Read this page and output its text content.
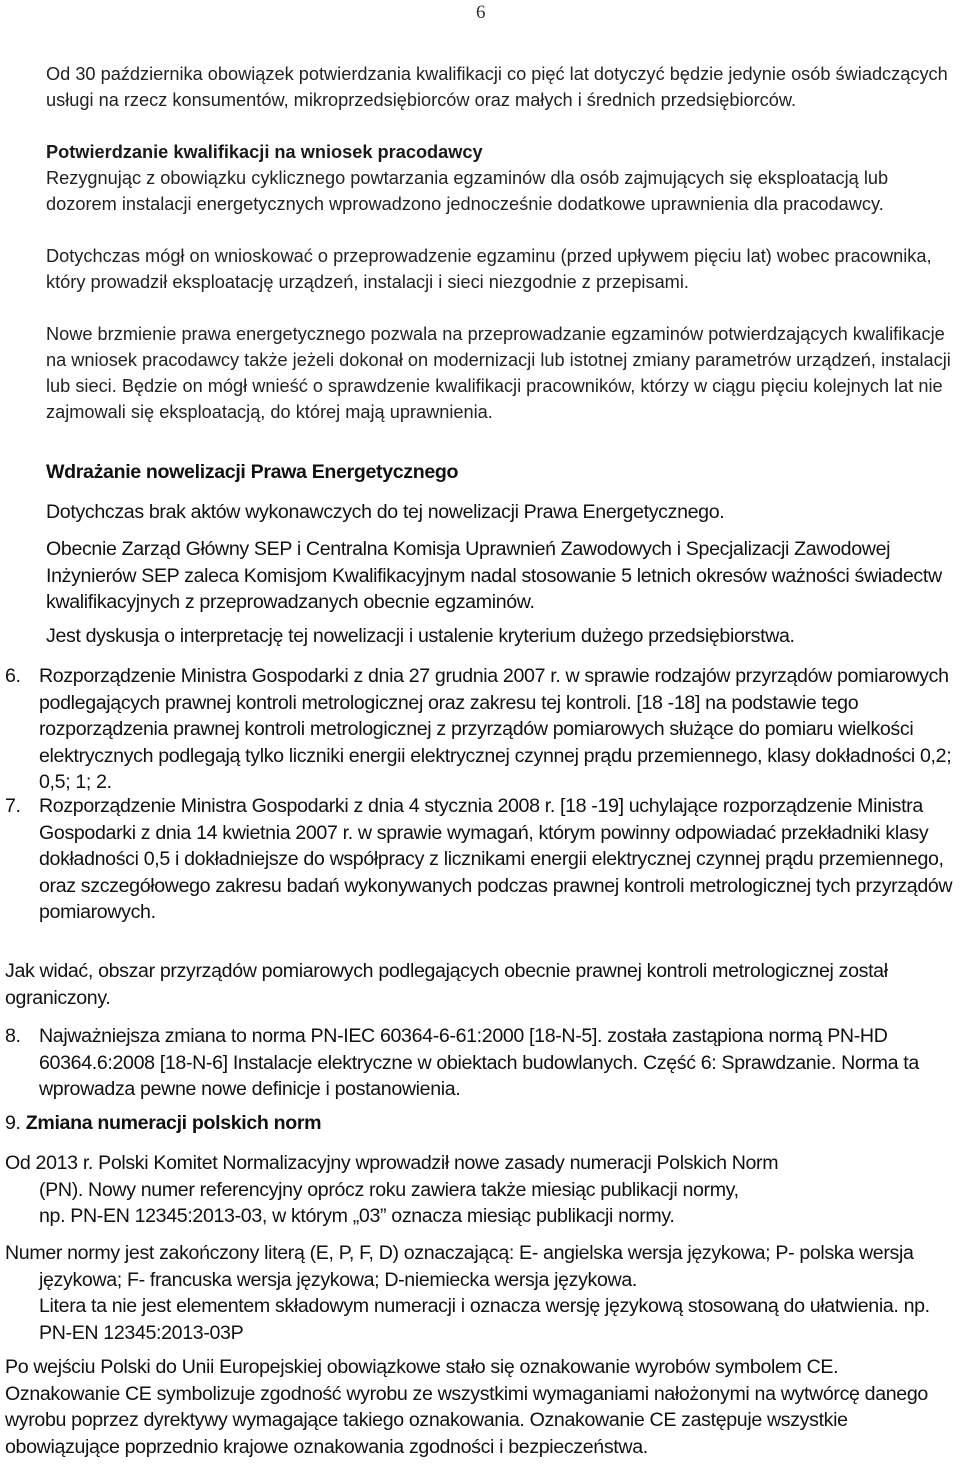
6

Od 30 października obowiązek potwierdzania kwalifikacji co pięć lat dotyczyć będzie jedynie osób świadczących usługi na rzecz konsumentów, mikroprzedsiębiorców oraz małych i średnich przedsiębiorców.

Potwierdzanie kwalifikacji na wniosek pracodawcy

Rezygnując z obowiązku cyklicznego powtarzania egzaminów dla osób zajmujących się eksploatacją lub dozorem instalacji energetycznych wprowadzono jednocześnie dodatkowe uprawnienia dla pracodawcy.

Dotychczas mógł on wnioskować o przeprowadzenie egzaminu (przed upływem pięciu lat) wobec pracownika, który prowadził eksploatację urządzeń, instalacji i sieci niezgodnie z przepisami.

Nowe brzmienie prawa energetycznego pozwala na przeprowadzanie egzaminów potwierdzających kwalifikacje na wniosek pracodawcy także jeżeli dokonał on modernizacji lub istotnej zmiany parametrów urządzeń, instalacji lub sieci. Będzie on mógł wnieść o sprawdzenie kwalifikacji pracowników, którzy w ciągu pięciu kolejnych lat nie zajmowali się eksploatacją, do której mają uprawnienia.

Wdrażanie nowelizacji Prawa Energetycznego

Dotychczas brak aktów wykonawczych do tej nowelizacji Prawa Energetycznego.

Obecnie Zarząd Główny SEP i Centralna Komisja Uprawnień Zawodowych i Specjalizacji Zawodowej Inżynierów SEP zaleca Komisjom Kwalifikacyjnym nadal stosowanie 5 letnich okresów ważności świadectw kwalifikacyjnych z przeprowadzanych obecnie egzaminów.

Jest dyskusja o interpretację tej nowelizacji i ustalenie kryterium dużego przedsiębiorstwa.

6. Rozporządzenie Ministra Gospodarki z dnia 27 grudnia 2007 r. w sprawie rodzajów przyrządów pomiarowych podlegających prawnej kontroli metrologicznej oraz zakresu tej kontroli. [18 -18] na podstawie tego rozporządzenia prawnej kontroli metrologicznej z przyrządów pomiarowych służące do pomiaru wielkości elektrycznych podlegają tylko liczniki energii elektrycznej czynnej prądu przemiennego, klasy dokładności 0,2; 0,5; 1; 2.

7. Rozporządzenie Ministra Gospodarki z dnia 4 stycznia 2008 r. [18 -19] uchylające rozporządzenie Ministra Gospodarki z dnia 14 kwietnia 2007 r. w sprawie wymagań, którym powinny odpowiadać przekładniki klasy dokładności 0,5 i dokładniejsze do współpracy z licznikami energii elektrycznej czynnej prądu przemiennego, oraz szczegółowego zakresu badań wykonywanych podczas prawnej kontroli metrologicznej tych przyrządów pomiarowych.

Jak widać, obszar przyrządów pomiarowych podlegających obecnie prawnej kontroli metrologicznej został ograniczony.

8. Najważniejsza zmiana to norma PN-IEC 60364-6-61:2000 [18-N-5]. została zastąpiona normą PN-HD 60364.6:2008 [18-N-6] Instalacje elektryczne w obiektach budowlanych. Część 6: Sprawdzanie. Norma ta wprowadza pewne nowe definicje i postanowienia.

9. Zmiana numeracji polskich norm

Od 2013 r. Polski Komitet Normalizacyjny wprowadził nowe zasady numeracji Polskich Norm
(PN). Nowy numer referencyjny oprócz roku zawiera także miesiąc publikacji normy,
np. PN-EN 12345:2013-03, w którym „03” oznacza miesiąc publikacji normy.
Numer normy jest zakończony literą (E, P, F, D) oznaczającą: E- angielska wersja językowa; P- polska wersja językowa; F- francuska wersja językowa; D-niemiecka wersja językowa.
Litera ta nie jest elementem składowym numeracji i oznacza wersję językową stosowaną do ułatwienia. np. PN-EN 12345:2013-03P

Po wejściu Polski do Unii Europejskiej obowiązkowe stało się oznakowanie wyrobów symbolem CE. Oznakowanie CE symbolizuje zgodność wyrobu ze wszystkimi wymaganiami nałożonymi na wytwórcę danego wyrobu poprzez dyrektywy wymagające takiego oznakowania. Oznakowanie CE zastępuje wszystkie obowiązujące poprzednio krajowe oznakowania zgodności i bezpieczeństwa.
